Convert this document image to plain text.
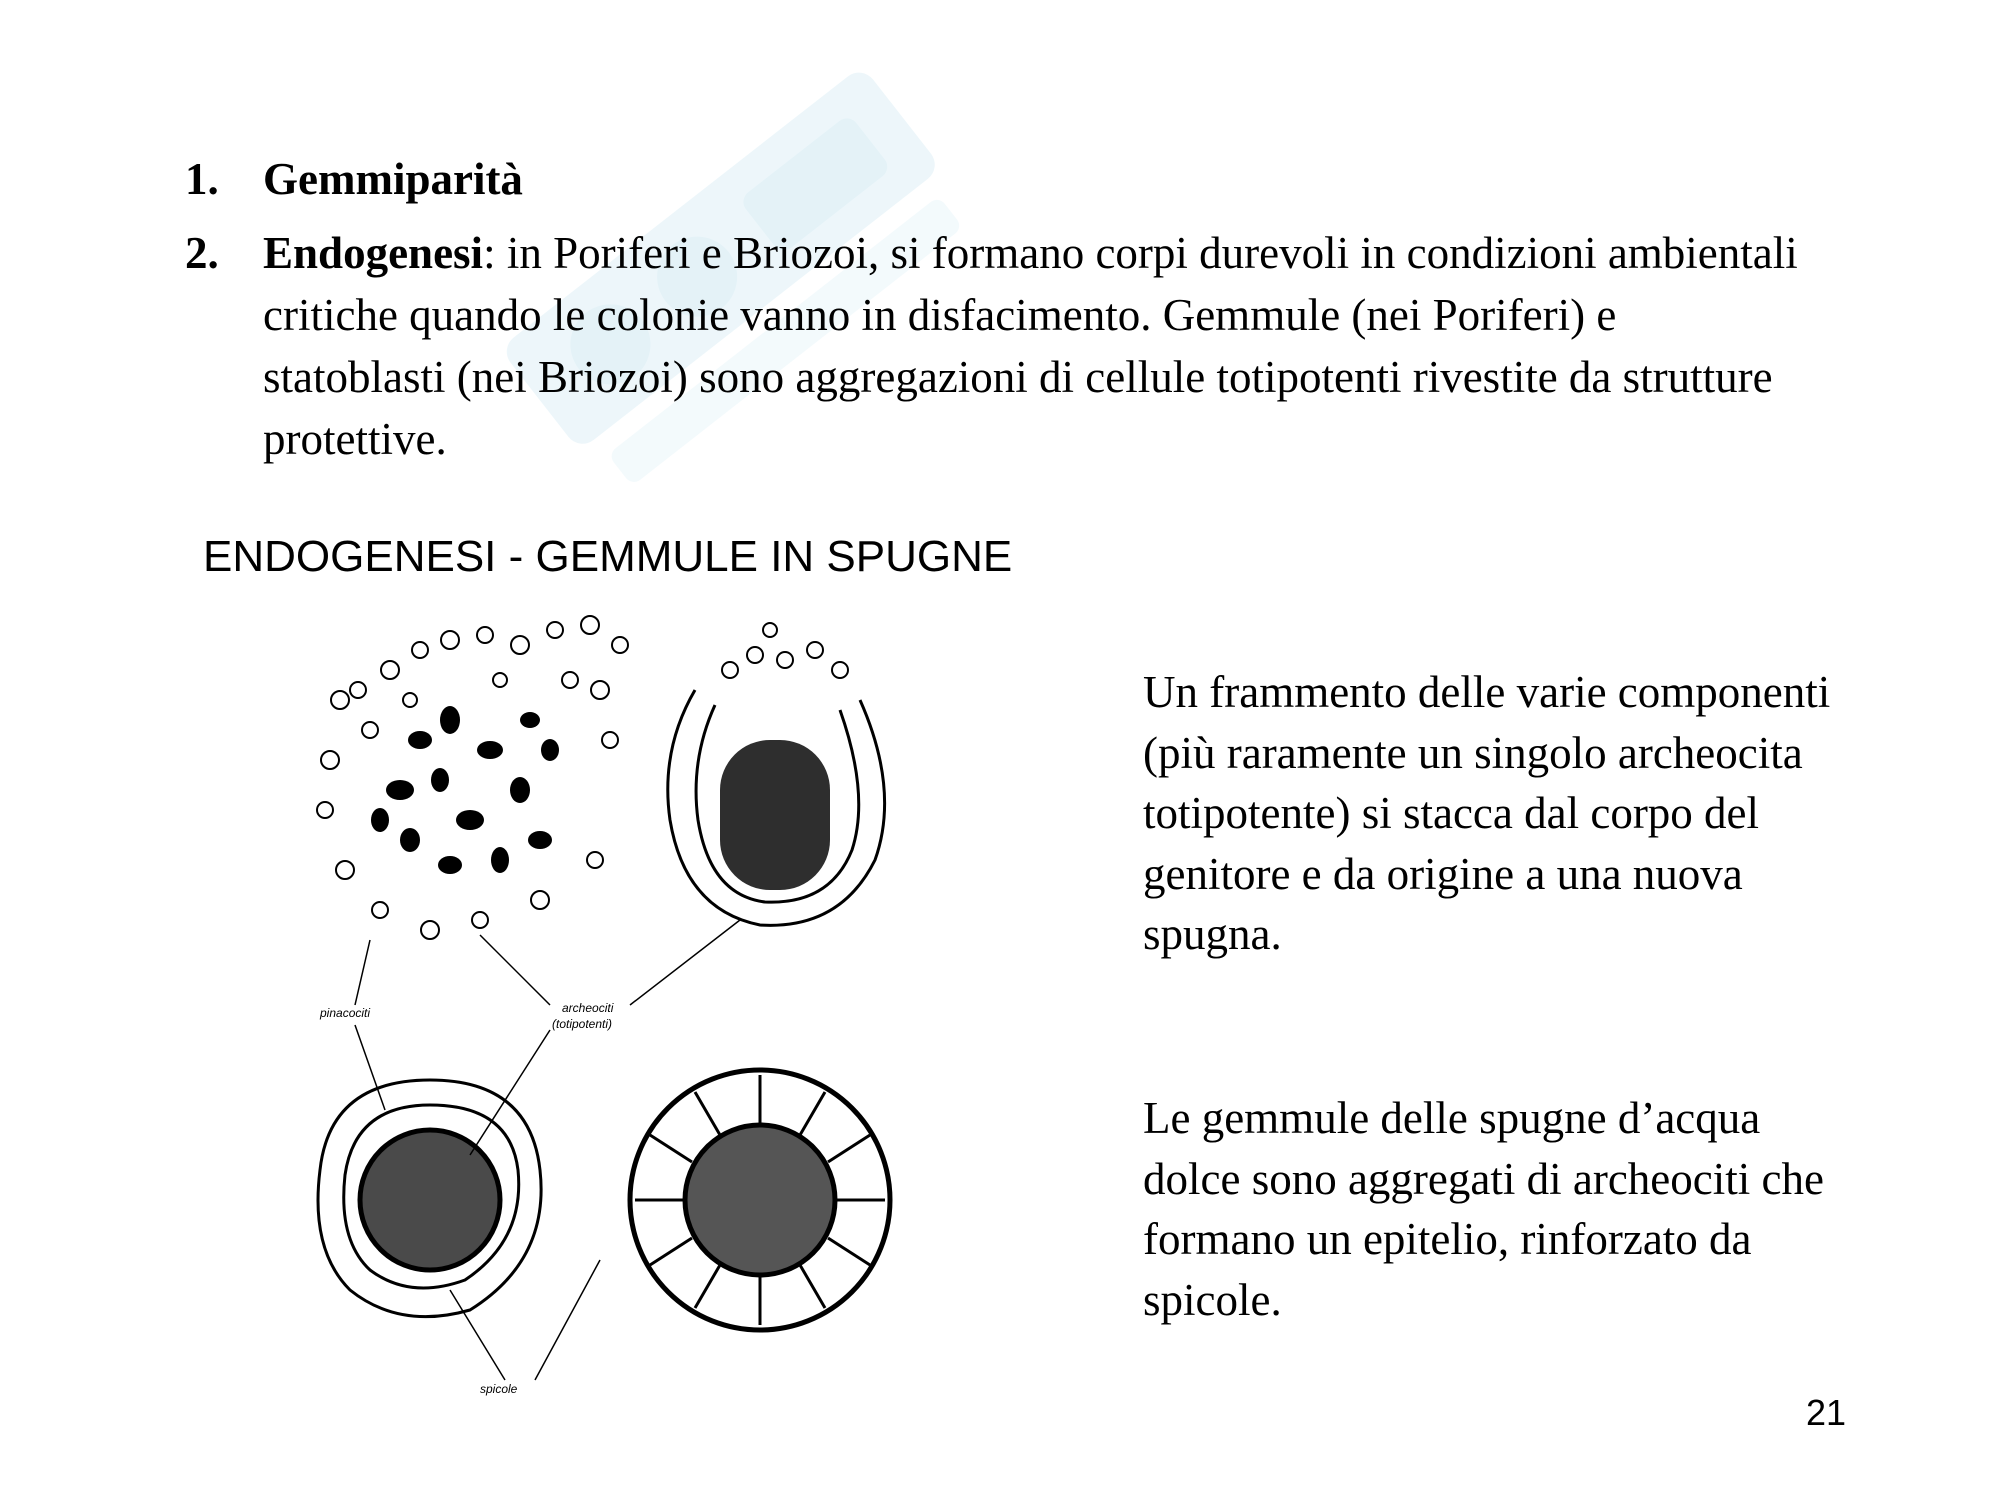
1. Gemmiparità
2. Endogenesi: in Poriferi e Briozoi, si formano corpi durevoli in condizioni ambientali critiche quando le colonie vanno in disfacimento. Gemmule (nei Poriferi) e statoblasti (nei Briozoi) sono aggregazioni di cellule totipotenti rivestite da strutture protettive.
ENDOGENESI - GEMMULE IN SPUGNE
pinacociti	archeociti
(totipotenti)
spicole

Un frammento delle varie componenti (più raramente un singolo archeocita totipotente) si stacca dal corpo del genitore e da origine a una nuova spugna.

Le gemmule delle spugne d’acqua dolce sono aggregati di archeociti che formano un epitelio, rinforzato da spicole.

21
